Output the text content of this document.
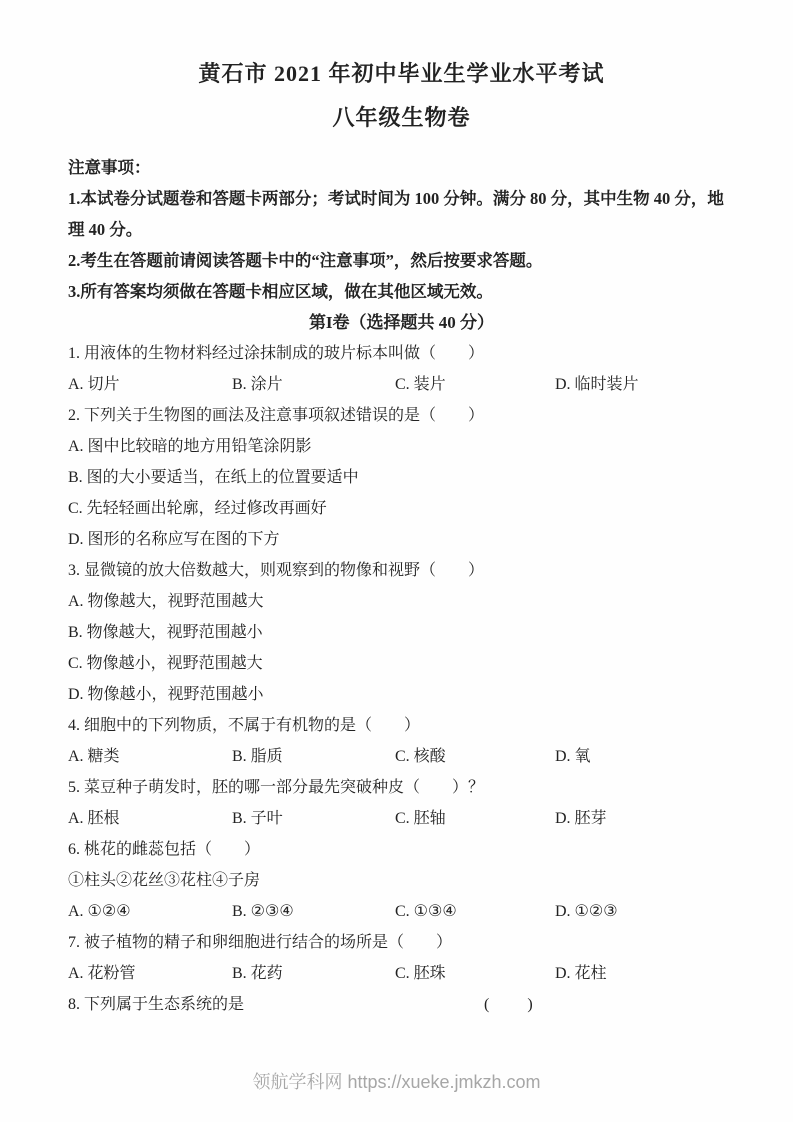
黄石市 2021 年初中毕业生学业水平考试
八年级生物卷
注意事项：
1.本试卷分试题卷和答题卡两部分；考试时间为 100 分钟。满分 80 分，其中生物 40 分，地理 40 分。
2.考生在答题前请阅读答题卡中的“注意事项”，然后按要求答题。
3.所有答案均须做在答题卡相应区域，做在其他区域无效。
第I卷（选择题共 40 分）
1. 用液体的生物材料经过涂抹制成的玻片标本叫做（　　）
A. 切片	B. 涂片	C. 装片	D. 临时装片
2. 下列关于生物图的画法及注意事项叙述错误的是（　　）
A. 图中比较暗的地方用铅笔涂阴影
B. 图的大小要适当，在纸上的位置要适中
C. 先轻轻画出轮廓，经过修改再画好
D. 图形的名称应写在图的下方
3. 显微镜的放大倍数越大，则观察到的物像和视野（　　）
A. 物像越大，视野范围越大
B. 物像越大，视野范围越小
C. 物像越小，视野范围越大
D. 物像越小，视野范围越小
4. 细胞中的下列物质，不属于有机物的是（　　）
A. 糖类	B. 脂质	C. 核酸	D. 氧
5. 菜豆种子萌发时，胚的哪一部分最先突破种皮（　　）？
A. 胚根	B. 子叶	C. 胚轴	D. 胚芽
6. 桃花的雌蕊包括（　　）
①柱头②花丝③花柱④子房
A. ①②④	B. ②③④	C. ①③④	D. ①②③
7. 被子植物的精子和卵细胞进行结合的场所是（　　）
A. 花粉管	B. 花药	C. 胚珠	D. 花柱
8. 下列属于生态系统的是	(　　)
领航学科网 https://xueke.jmkzh.com
